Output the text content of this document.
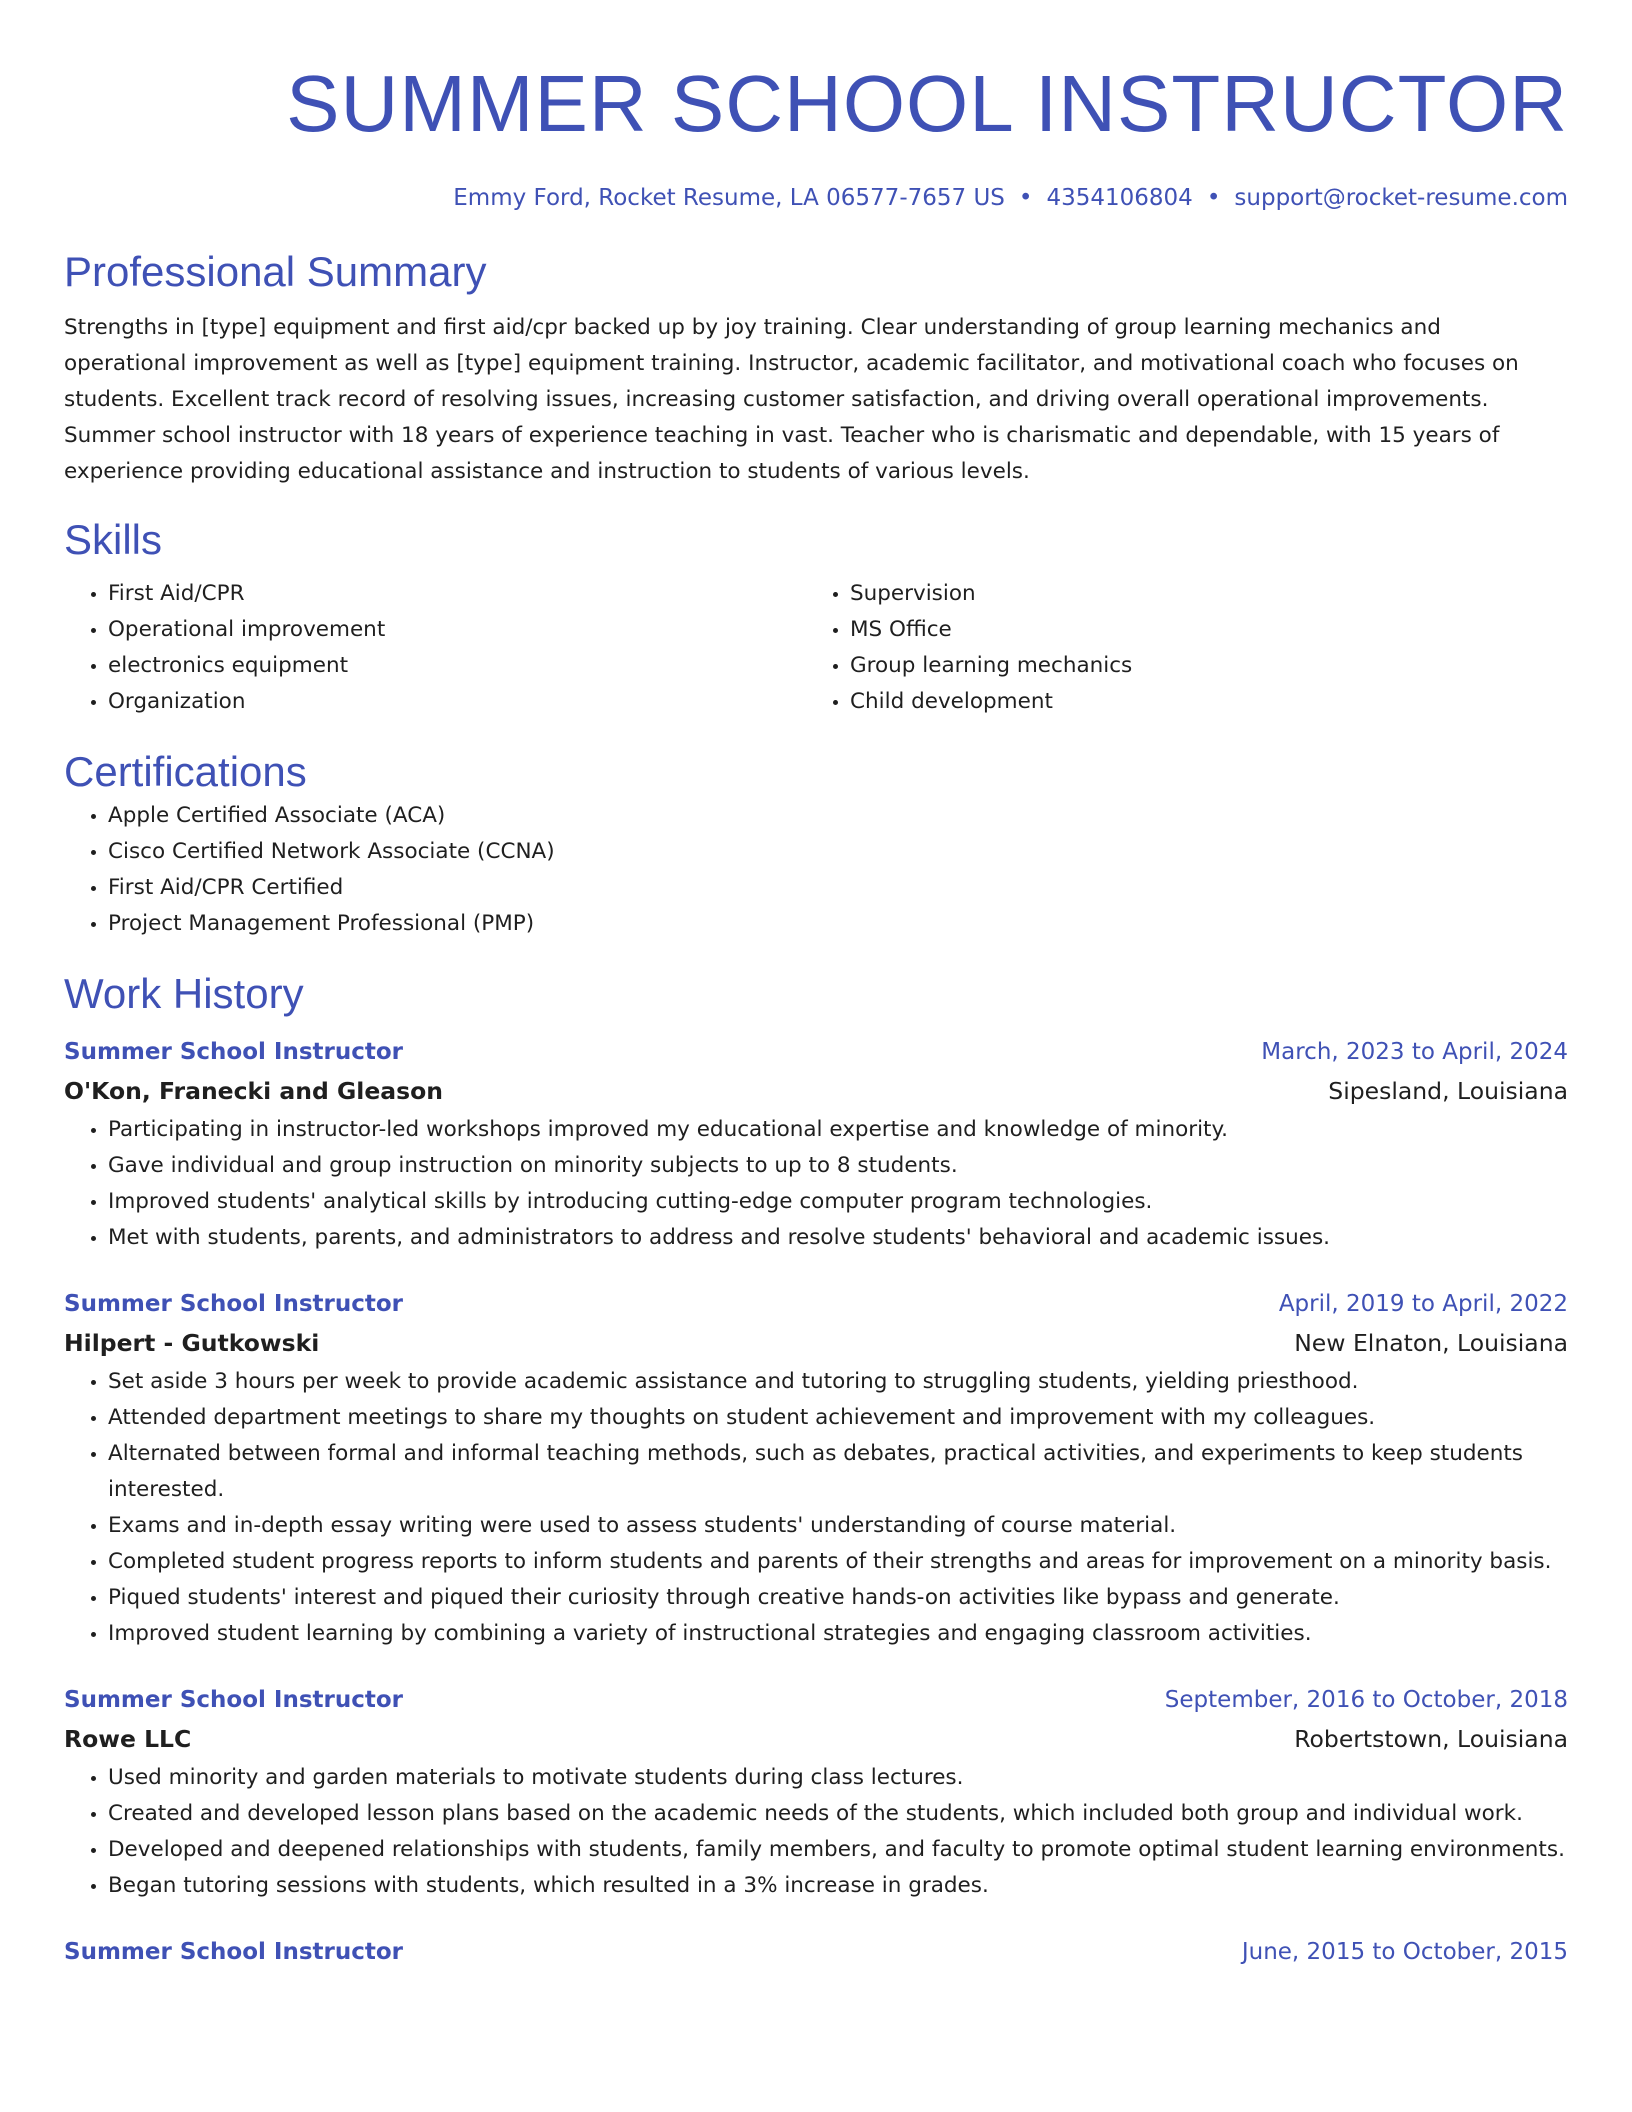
SUMMER SCHOOL INSTRUCTOR
Emmy Ford, Rocket Resume, LA 06577-7657 US • 4354106804 • support@rocket-resume.com
Professional Summary
Strengths in [type] equipment and first aid/cpr backed up by joy training. Clear understanding of group learning mechanics and operational improvement as well as [type] equipment training. Instructor, academic facilitator, and motivational coach who focuses on students. Excellent track record of resolving issues, increasing customer satisfaction, and driving overall operational improvements. Summer school instructor with 18 years of experience teaching in vast. Teacher who is charismatic and dependable, with 15 years of experience providing educational assistance and instruction to students of various levels.
Skills
• First Aid/CPR
• Operational improvement
• electronics equipment
• Organization
• Supervision
• MS Office
• Group learning mechanics
• Child development
Certifications
• Apple Certified Associate (ACA)
• Cisco Certified Network Associate (CCNA)
• First Aid/CPR Certified
• Project Management Professional (PMP)
Work History
Summer School Instructor	March, 2023 to April, 2024
O'Kon, Franecki and Gleason	Sipesland, Louisiana
• Participating in instructor-led workshops improved my educational expertise and knowledge of minority.
• Gave individual and group instruction on minority subjects to up to 8 students.
• Improved students' analytical skills by introducing cutting-edge computer program technologies.
• Met with students, parents, and administrators to address and resolve students' behavioral and academic issues.
Summer School Instructor	April, 2019 to April, 2022
Hilpert - Gutkowski	New Elnaton, Louisiana
• Set aside 3 hours per week to provide academic assistance and tutoring to struggling students, yielding priesthood.
• Attended department meetings to share my thoughts on student achievement and improvement with my colleagues.
• Alternated between formal and informal teaching methods, such as debates, practical activities, and experiments to keep students interested.
• Exams and in-depth essay writing were used to assess students' understanding of course material.
• Completed student progress reports to inform students and parents of their strengths and areas for improvement on a minority basis.
• Piqued students' interest and piqued their curiosity through creative hands-on activities like bypass and generate.
• Improved student learning by combining a variety of instructional strategies and engaging classroom activities.
Summer School Instructor	September, 2016 to October, 2018
Rowe LLC	Robertstown, Louisiana
• Used minority and garden materials to motivate students during class lectures.
• Created and developed lesson plans based on the academic needs of the students, which included both group and individual work.
• Developed and deepened relationships with students, family members, and faculty to promote optimal student learning environments.
• Began tutoring sessions with students, which resulted in a 3% increase in grades.
Summer School Instructor	June, 2015 to October, 2015
